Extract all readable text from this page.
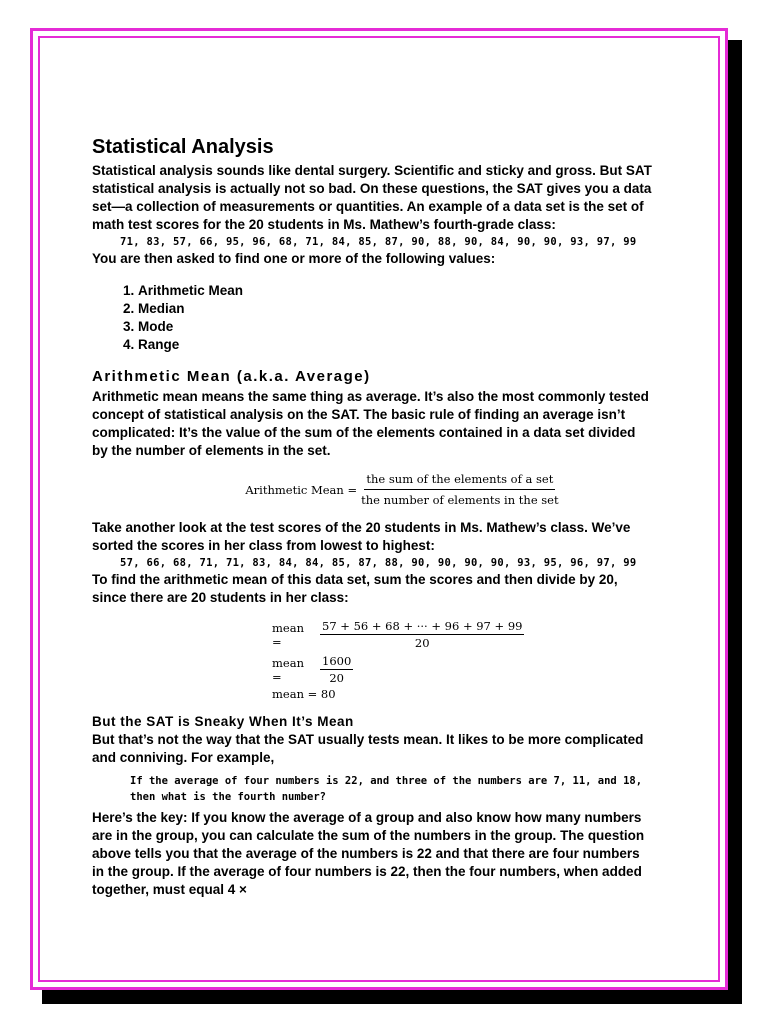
Statistical Analysis

Statistical analysis sounds like dental surgery. Scientific and sticky and gross. But SAT statistical analysis is actually not so bad. On these questions, the SAT gives you a data set—a collection of measurements or quantities. An example of a data set is the set of math test scores for the 20 students in Ms. Mathew’s fourth-grade class:

71, 83, 57, 66, 95, 96, 68, 71, 84, 85, 87, 90, 88, 90, 84, 90, 90, 93, 97, 99

You are then asked to find one or more of the following values:

1. Arithmetic Mean
2. Median
3. Mode
4. Range
Arithmetic Mean (a.k.a. Average)

Arithmetic mean means the same thing as average. It’s also the most commonly tested concept of statistical analysis on the SAT. The basic rule of finding an average isn’t complicated: It’s the value of the sum of the elements contained in a data set divided by the number of elements in the set.

Arithmetic Mean = $\frac{\text{the sum of the elements of a set}}{\text{the number of elements in the set}}$

Take another look at the test scores of the 20 students in Ms. Mathew’s class. We’ve sorted the scores in her class from lowest to highest:

57, 66, 68, 71, 71, 83, 84, 84, 85, 87, 88, 90, 90, 90, 90, 93, 95, 96, 97, 99

To find the arithmetic mean of this data set, sum the scores and then divide by 20, since there are 20 students in her class:

mean =	$\frac{57 + 56 + 68 + \cdot\cdot\cdot + 96 + 97 + 99}{20}$
mean =	$\frac{1600}{20}$
mean = 80
But the SAT is Sneaky When It’s Mean

But that’s not the way that the SAT usually tests mean. It likes to be more complicated and conniving. For example,

If the average of four numbers is 22, and three of the numbers are 7, 11, and 18, then what is the fourth number?

Here’s the key: If you know the average of a group and also know how many numbers are in the group, you can calculate the sum of the numbers in the group. The question above tells you that the average of the numbers is 22 and that there are four numbers in the group. If the average of four numbers is 22, then the four numbers, when added together, must equal 4 ×
